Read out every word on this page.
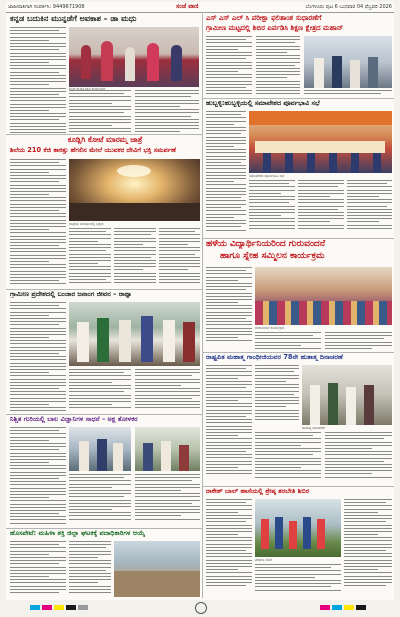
ಜಾಹೀರಾತಿಗಾಗಿ ಸಂಪರ್ಕಿಸಿ: 9449671908	ಸಂಜೆ ವಾಣಿ	ಬೆಂಗಳೂರು ಪುಟ 6 ಬುಧವಾರ 04 ಫೆಬ್ರವರಿ 2026
ಕನ್ನಡ ಬದುಕಿನ ಮುನ್ನಡೆಗೆ ಅವಕಾಶ – ಡಾ ಮಧು
ಕನ್ನಡ ರಾಜ್ಯೋತ್ಸವ ಕಾರ್ಯಕ್ರಮ
ಎಸ್ ಎಸ್ ಎಲ್ ಸಿ ಪರೀಕ್ಷಾ ಫಲಿತಾಂಶ ಸುಧಾರಣೆಗೆ
ಗ್ರಾಮೀಣ ಮಟ್ಟದಲ್ಲಿ ಶಿಬಿರ ಏರ್ಪಡಿಸಿ ಶಿಕ್ಷಣ ಕ್ಷೇತ್ರದ ಮಹಾನ್
ಹುಬ್ಬಳ್ಳಿ:ಹುಬ್ಬಳ್ಳಿಯಲ್ಲಿ ಸಮಾವೇಶದ ಪೂರ್ವಭಾವಿ ಸಭೆ
ಸಮಾವೇಶದ ಪೂರ್ವಭಾವಿ ಸಭೆ
ಕೂಡ್ಲಿಗಿ ಕೋಟೆ ಮಾರಮ್ಮ ಜಾತ್ರೆ
ಶಿಲೆಯ 210 ಕೆಜಿ ತಾಕತ್ತು ಹೆಗಲಿನ ಮೇಲೆ ಯುವಕರ ದೇವಿಗೆ ಭಕ್ತಿ ಸಮರ್ಪಣೆ
ಜಾತ್ರೆಯ ಸಂದರ್ಭದಲ್ಲಿ ಭಕ್ತರು
ಗ್ರಾಮೀಣ ಪ್ರದೇಶದಲ್ಲಿ ಬಂಜಾರ ಜನಾಂಗ ಜೀವನ – ರಾಥ್ಯಾ
ನಿಶ್ಚಿತ ಗುರಿಯಲ್ಲಿ ಬಾಲ ವಿಜ್ಞಾನಿಗಳ ಸಾಧನೆ – ಅಕ್ಷ ತೋಳಕರ
ಹೊಸಪೇಟೆ: ಮಹಿಳಾ ಶಕ್ತಿ ಜಿಲ್ಲಾ ಘಟಕಕ್ಕೆ ಪದಾಧಿಕಾರಿಗಳ ಆಯ್ಕೆ
ಹಳೆಯ ವಿದ್ಯಾರ್ಥಿನಿಯರಿಂದ ಗುರುವಂದನೆ
ಹಾಗೂ ಸ್ನೇಹ ಸಮ್ಮಿಲನ ಕಾರ್ಯಕ್ರಮ
ಗುರುವಂದನೆ ಕಾರ್ಯಕ್ರಮ
ರಾಷ್ಟ್ರಪಿತ ಮಹಾತ್ಮ ಗಾಂಧೀಜಿಯವರ 78ನೇ ಹುತಾತ್ಮ ದಿನಾಚರಣೆ
ಹುತಾತ್ಮ ದಿನಾಚರಣೆ
ರಾಕೇಶ್ ಬಾಲ್ ಹಾಸೆಯಲ್ಲಿ ಶ್ರೇಷ್ಠ ತರಬೇತಿ ಶಿಬಿರ
ತರಬೇತಿ ಶಿಬಿರ
